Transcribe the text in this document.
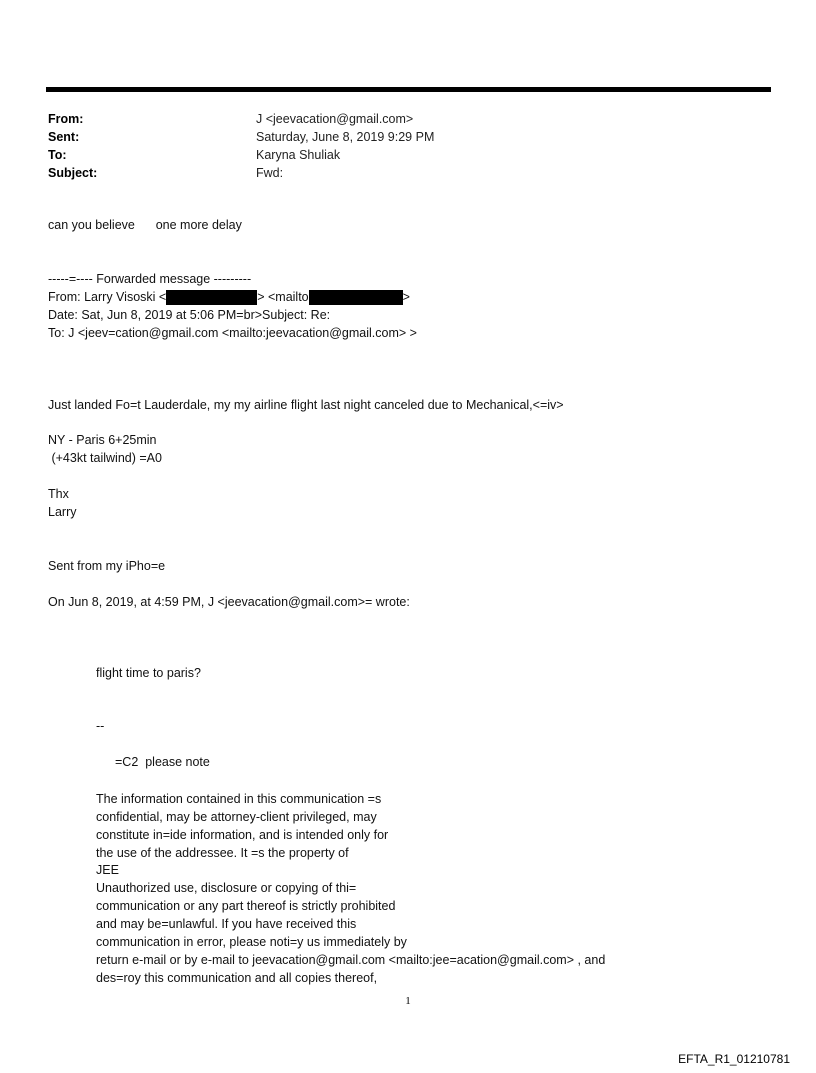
From:	J <jeevacation@gmail.com>
Sent:	Saturday, June 8, 2019 9:29 PM
To:	Karyna Shuliak
Subject:	Fwd:
can you believe      one more delay
-----=---- Forwarded message ---------
From: Larry Visoski <	> <mailto	>
Date: Sat, Jun 8, 2019 at 5:06 PM=br>Subject: Re:
To: J <jeev=cation@gmail.com <mailto:jeevacation@gmail.com> >
Just landed Fo=t Lauderdale, my my airline flight last night canceled due to Mechanical,<=iv>
NY - Paris 6+25min
(+43kt tailwind) =A0
Thx
Larry
Sent from my iPho=e
On Jun 8, 2019, at 4:59 PM, J <jeevacation@gmail.com>= wrote:
flight time to paris?
--
=C2  please note
The information contained in this communication =s
confidential, may be attorney-client privileged, may
constitute in=ide information, and is intended only for
the use of the addressee. It =s the property of
JEE
Unauthorized use, disclosure or copying of thi=
communication or any part thereof is strictly prohibited
and may be=unlawful. If you have received this
communication in error, please noti=y us immediately by
return e-mail or by e-mail to jeevacation@gmail.com <mailto:jee=acation@gmail.com> , and
des=roy this communication and all copies thereof,
1
EFTA_R1_01210781
